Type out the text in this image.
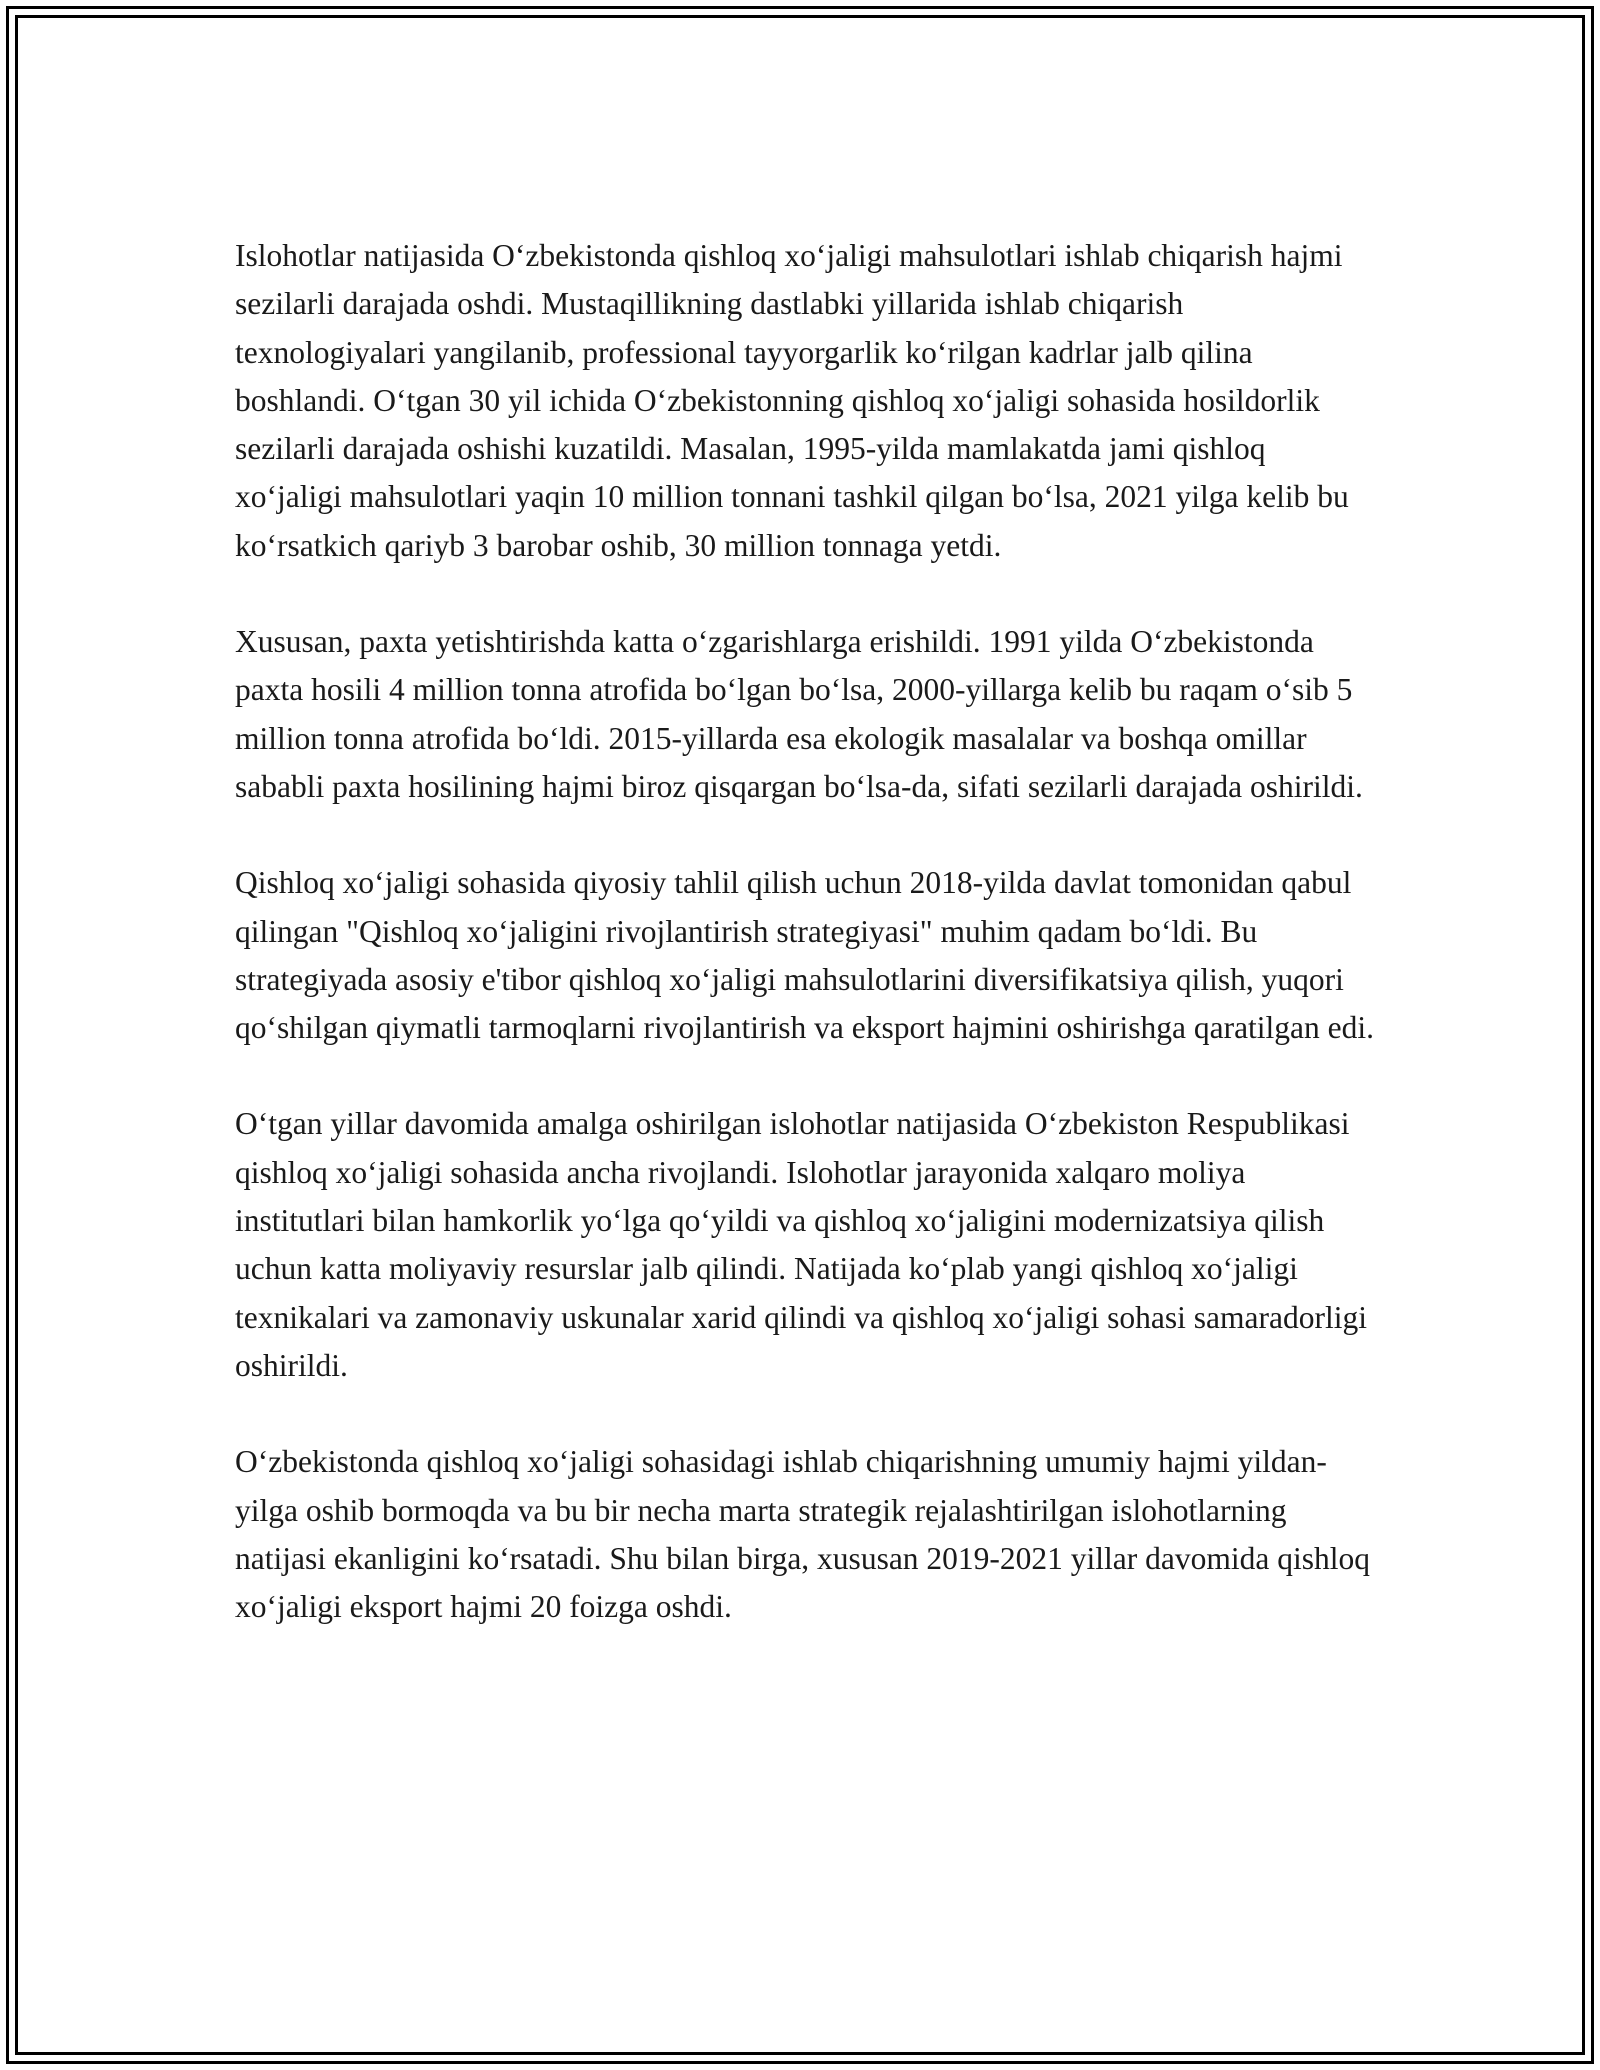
Islohotlar natijasida O‘zbekistonda qishloq xo‘jaligi mahsulotlari ishlab chiqarish hajmi sezilarli darajada oshdi. Mustaqillikning dastlabki yillarida ishlab chiqarish texnologiyalari yangilanib, professional tayyorgarlik ko‘rilgan kadrlar jalb qilina boshlandi. O‘tgan 30 yil ichida O‘zbekistonning qishloq xo‘jaligi sohasida hosildorlik sezilarli darajada oshishi kuzatildi. Masalan, 1995-yilda mamlakatda jami qishloq xo‘jaligi mahsulotlari yaqin 10 million tonnani tashkil qilgan bo‘lsa, 2021 yilga kelib bu ko‘rsatkich qariyb 3 barobar oshib, 30 million tonnaga yetdi.

Xususan, paxta yetishtirishda katta o‘zgarishlarga erishildi. 1991 yilda O‘zbekistonda paxta hosili 4 million tonna atrofida bo‘lgan bo‘lsa, 2000-yillarga kelib bu raqam o‘sib 5 million tonna atrofida bo‘ldi. 2015-yillarda esa ekologik masalalar va boshqa omillar sababli paxta hosilining hajmi biroz qisqargan bo‘lsa-da, sifati sezilarli darajada oshirildi.

Qishloq xo‘jaligi sohasida qiyosiy tahlil qilish uchun 2018-yilda davlat tomonidan qabul qilingan "Qishloq xo‘jaligini rivojlantirish strategiyasi" muhim qadam bo‘ldi. Bu strategiyada asosiy e'tibor qishloq xo‘jaligi mahsulotlarini diversifikatsiya qilish, yuqori qo‘shilgan qiymatli tarmoqlarni rivojlantirish va eksport hajmini oshirishga qaratilgan edi.

O‘tgan yillar davomida amalga oshirilgan islohotlar natijasida O‘zbekiston Respublikasi qishloq xo‘jaligi sohasida ancha rivojlandi. Islohotlar jarayonida xalqaro moliya institutlari bilan hamkorlik yo‘lga qo‘yildi va qishloq xo‘jaligini modernizatsiya qilish uchun katta moliyaviy resurslar jalb qilindi. Natijada ko‘plab yangi qishloq xo‘jaligi texnikalari va zamonaviy uskunalar xarid qilindi va qishloq xo‘jaligi sohasi samaradorligi oshirildi.

O‘zbekistonda qishloq xo‘jaligi sohasidagi ishlab chiqarishning umumiy hajmi yildan-yilga oshib bormoqda va bu bir necha marta strategik rejalashtirilgan islohotlarning natijasi ekanligini ko‘rsatadi. Shu bilan birga, xususan 2019-2021 yillar davomida qishloq xo‘jaligi eksport hajmi 20 foizga oshdi.
